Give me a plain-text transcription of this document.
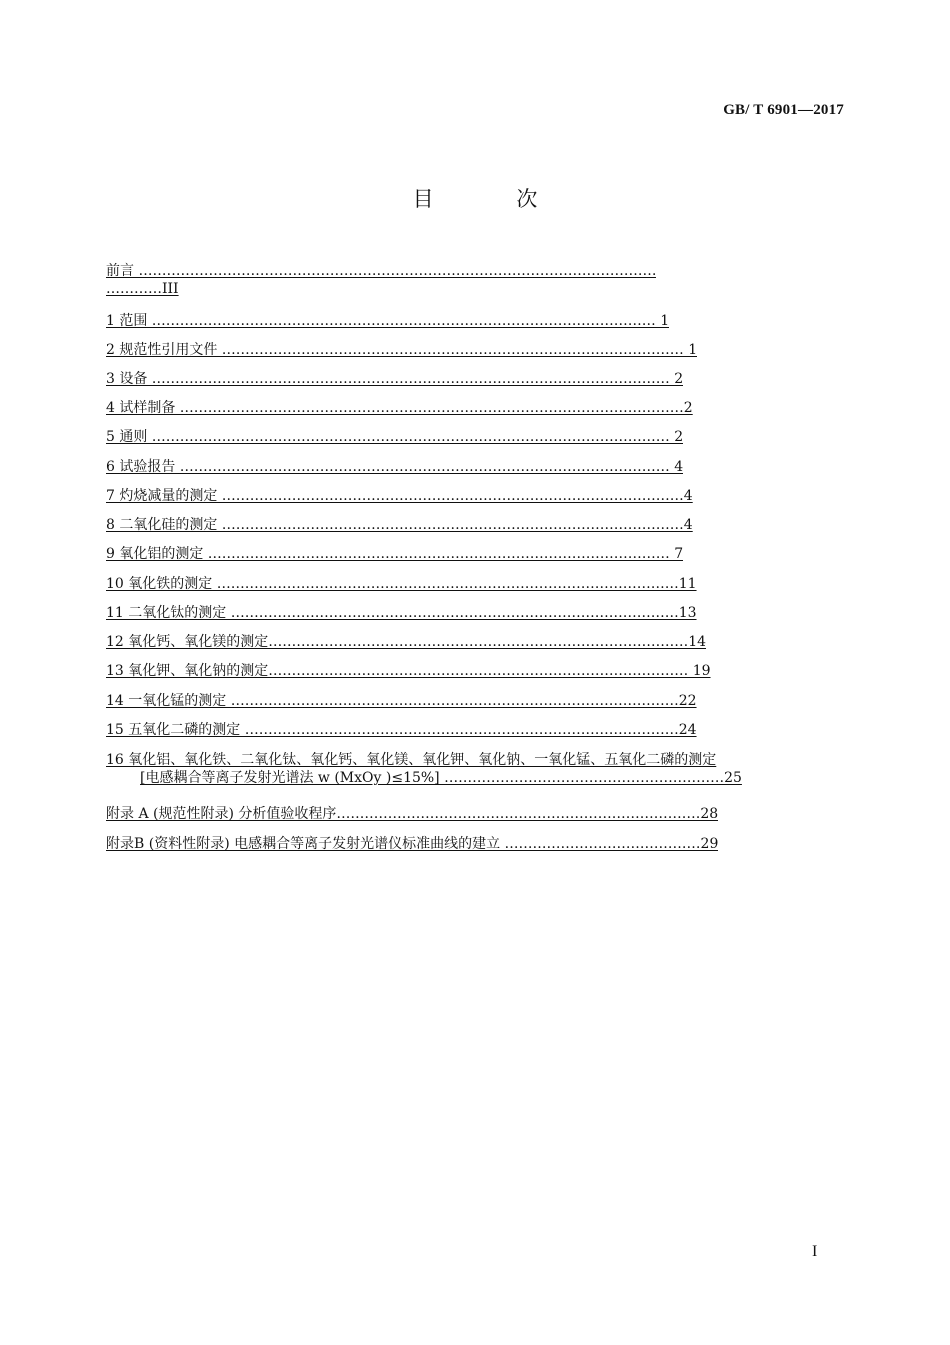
GB/ T 6901—2017
目 次
前言 …………………………………………………………………………………………………
…………III
1 范围 ……………………………………………………………………………………………… 1
2 规范性引用文件 ……………………………………………………………………………………… 1
3 设备 ………………………………………………………………………………………………… 2
4 试样制备 ………………………………………………………………………………………………2
5 通则 ………………………………………………………………………………………………… 2
6 试验报告 …………………………………………………………………………………………… 4
7 灼烧减量的测定 ………………………………………………………………………………………4
8 二氧化硅的测定 ………………………………………………………………………………………4
9 氧化铝的测定 ……………………………………………………………………………………… 7
10 氧化铁的测定 ………………………………………………………………………………………11
11 二氧化钛的测定 ……………………………………………………………………………………13
12 氧化钙、氧化镁的测定………………………………………………………………………………14
13 氧化钾、氧化钠的测定……………………………………………………………………………… 19
14 一氧化锰的测定 ……………………………………………………………………………………22
15 五氧化二磷的测定 …………………………………………………………………………………24
16 氧化铝、氧化铁、二氧化钛、氧化钙、氧化镁、氧化钾、氧化钠、一氧化锰、五氧化二磷的测定

[电感耦合等离子发射光谱法 w (MxOy )≤15%] ……………………………………………………25
附录 A (规范性附录) 分析值验收程序……………………………………………………………………28
附录B (资料性附录) 电感耦合等离子发射光谱仪标准曲线的建立 ……………………………………29
I
